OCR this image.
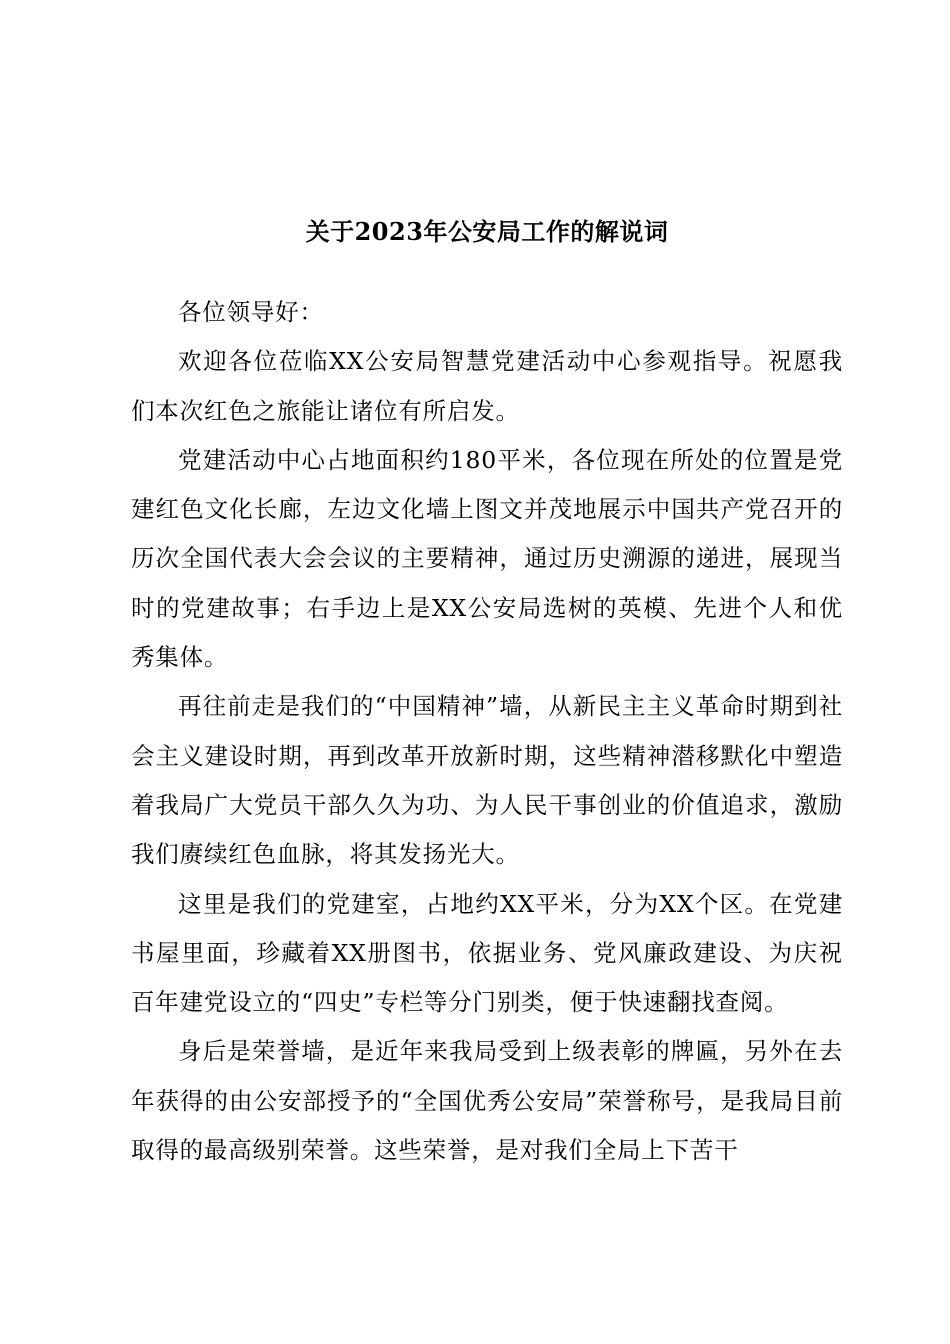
关于2023年公安局工作的解说词

各位领导好：

欢迎各位莅临XX公安局智慧党建活动中心参观指导。祝愿我们本次红色之旅能让诸位有所启发。

党建活动中心占地面积约180平米，各位现在所处的位置是党建红色文化长廊，左边文化墙上图文并茂地展示中国共产党召开的历次全国代表大会会议的主要精神，通过历史溯源的递进，展现当时的党建故事；右手边上是XX公安局选树的英模、先进个人和优秀集体。

再往前走是我们的“中国精神”墙，从新民主主义革命时期到社会主义建设时期，再到改革开放新时期，这些精神潜移默化中塑造着我局广大党员干部久久为功、为人民干事创业的价值追求，激励我们赓续红色血脉，将其发扬光大。

这里是我们的党建室，占地约XX平米，分为XX个区。在党建书屋里面，珍藏着XX册图书，依据业务、党风廉政建设、为庆祝百年建党设立的“四史”专栏等分门别类，便于快速翻找查阅。

身后是荣誉墙，是近年来我局受到上级表彰的牌匾，另外在去年获得的由公安部授予的“全国优秀公安局”荣誉称号，是我局目前取得的最高级别荣誉。这些荣誉，是对我们全局上下苦干
